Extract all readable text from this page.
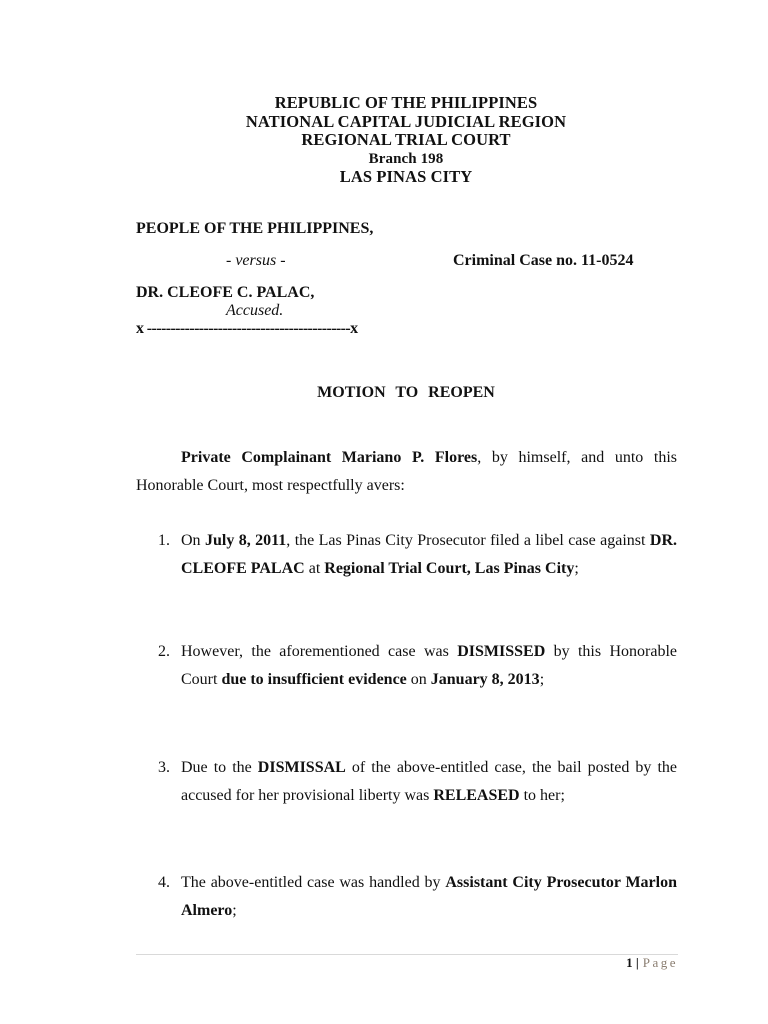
REPUBLIC OF THE PHILIPPINES
NATIONAL CAPITAL JUDICIAL REGION
REGIONAL TRIAL COURT
Branch 198
LAS PINAS CITY
PEOPLE OF THE PHILIPPINES,
- versus -	Criminal Case no. 11-0524
DR. CLEOFE C. PALAC,
Accused.
x -------------------------------------------x
MOTION TO REOPEN

Private Complainant Mariano P. Flores, by himself, and unto this Honorable Court, most respectfully avers:

1. On July 8, 2011, the Las Pinas City Prosecutor filed a libel case against DR. CLEOFE PALAC at Regional Trial Court, Las Pinas City;
2. However, the aforementioned case was DISMISSED by this Honorable Court due to insufficient evidence on January 8, 2013;
3. Due to the DISMISSAL of the above-entitled case, the bail posted by the accused for her provisional liberty was RELEASED to her;
4. The above-entitled case was handled by Assistant City Prosecutor Marlon Almero;
1 | Page
